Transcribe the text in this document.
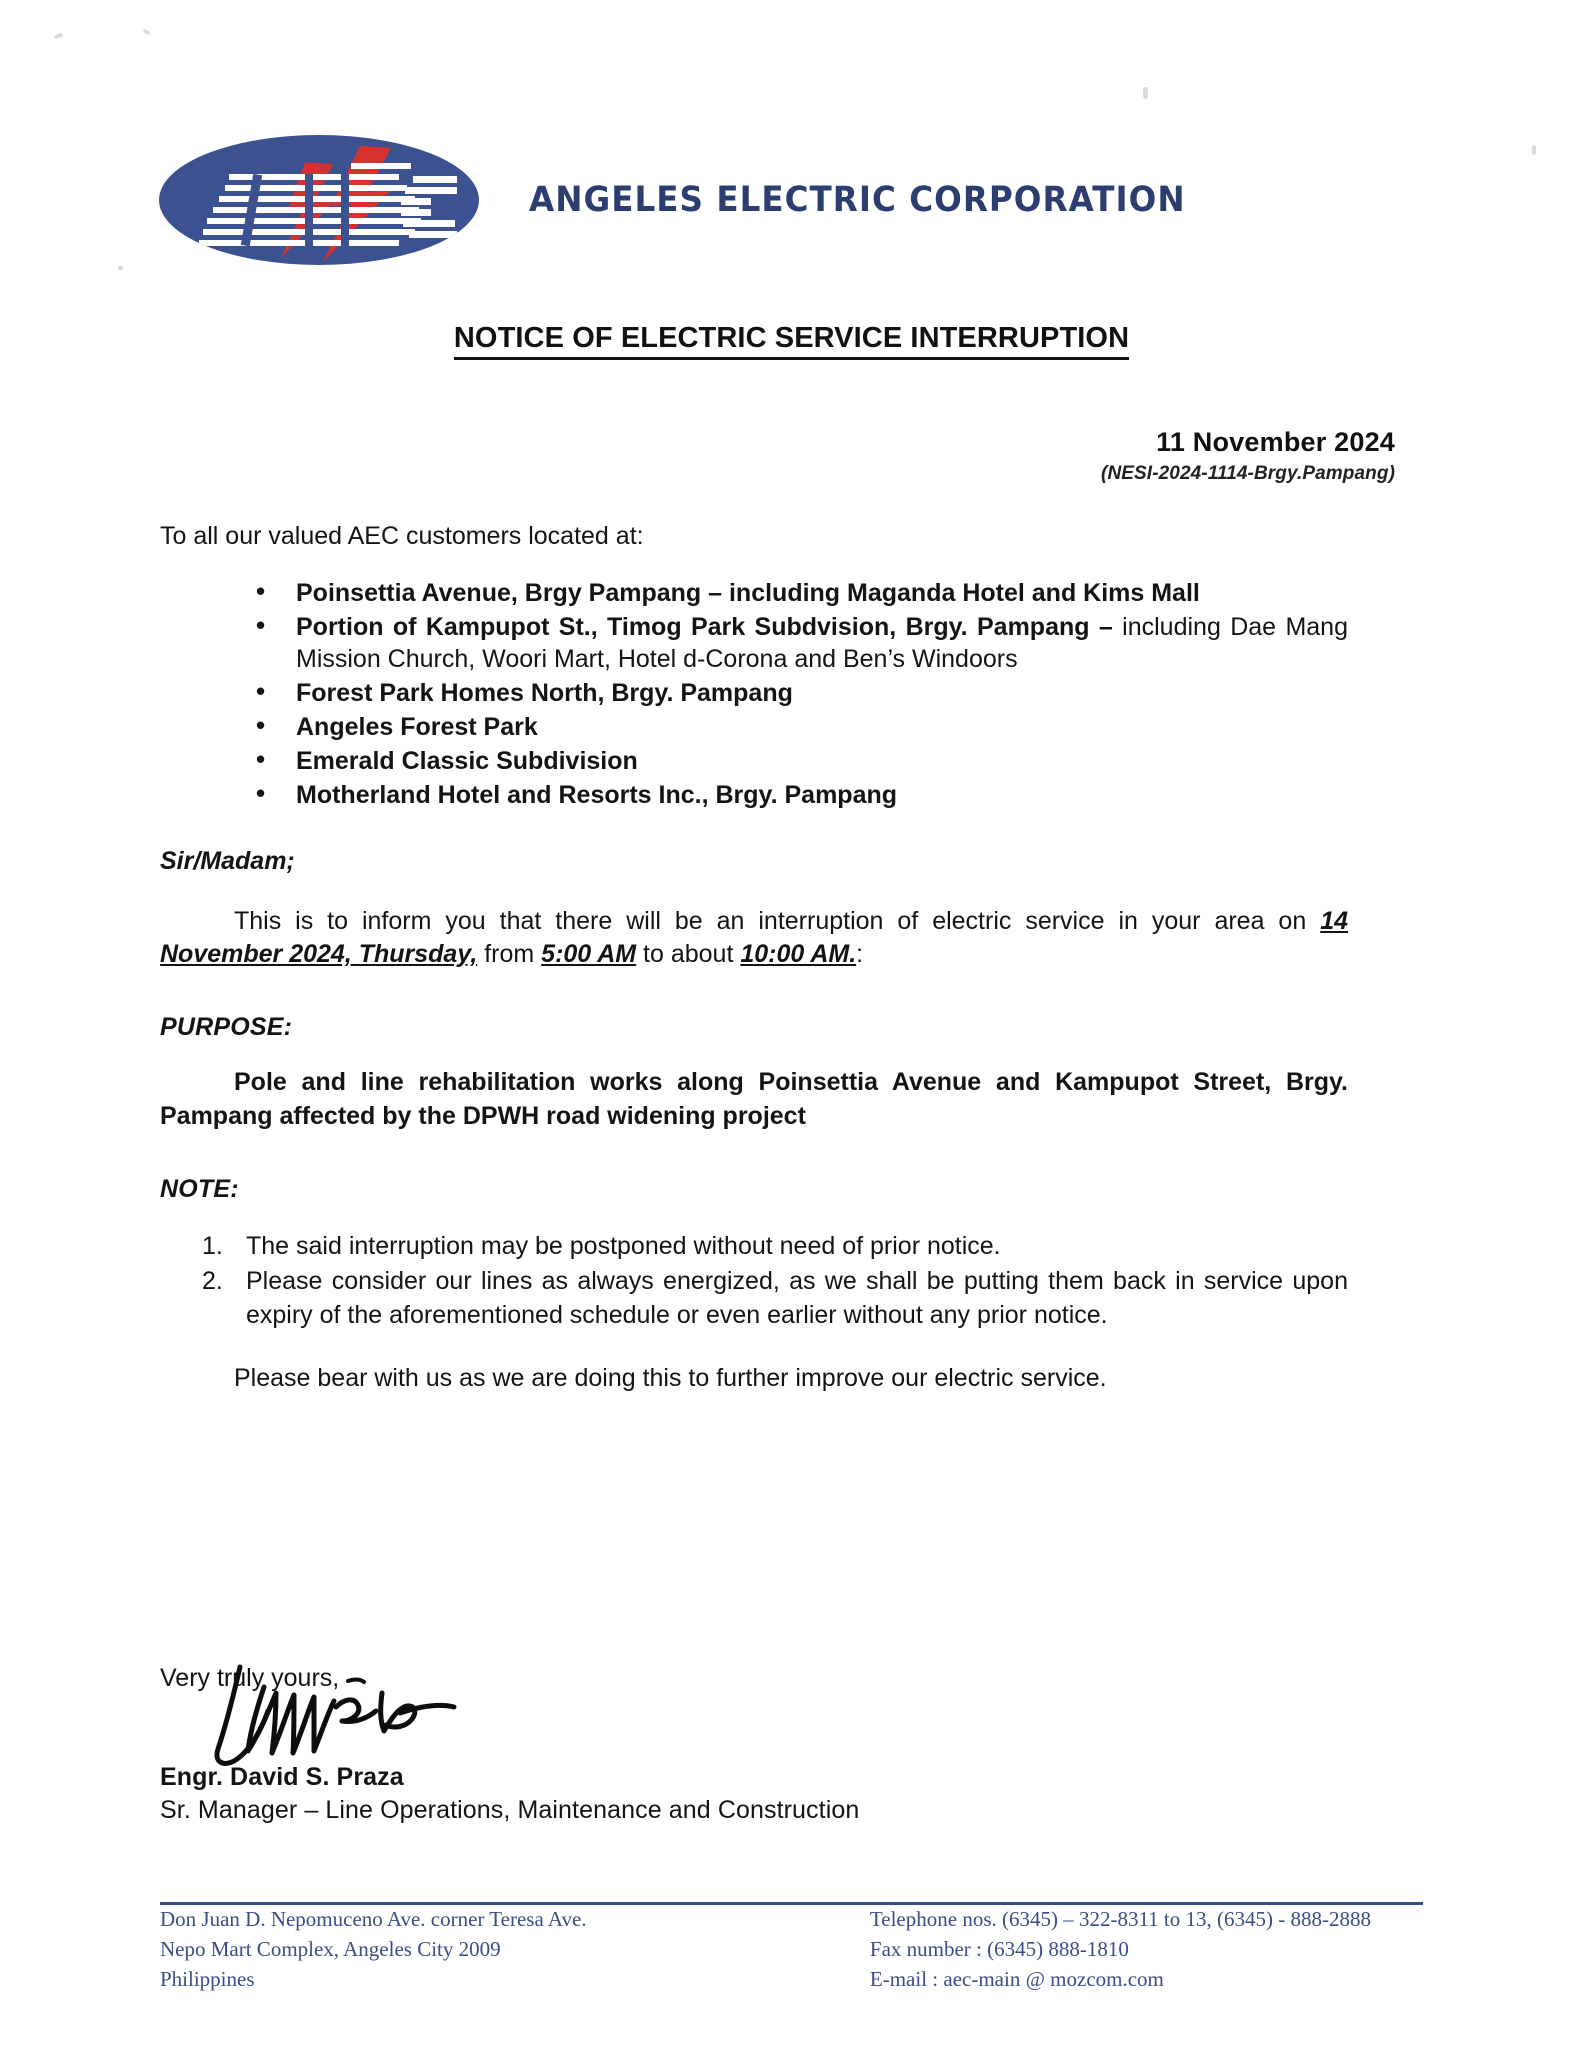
ANGELES ELECTRIC CORPORATION
NOTICE OF ELECTRIC SERVICE INTERRUPTION
11 November 2024
(NESI-2024-1114-Brgy.Pampang)

To all our valued AEC customers located at:

• Poinsettia Avenue, Brgy Pampang – including Maganda Hotel and Kims Mall
• Portion of Kampupot St., Timog Park Subdvision, Brgy. Pampang – including Dae Mang Mission Church, Woori Mart, Hotel d-Corona and Ben’s Windoors
• Forest Park Homes North, Brgy. Pampang
• Angeles Forest Park
• Emerald Classic Subdivision
• Motherland Hotel and Resorts Inc., Brgy. Pampang

Sir/Madam;

This is to inform you that there will be an interruption of electric service in your area on 14 November 2024, Thursday, from 5:00 AM to about 10:00 AM.:

PURPOSE:

Pole and line rehabilitation works along Poinsettia Avenue and Kampupot Street, Brgy. Pampang affected by the DPWH road widening project

NOTE:

The said interruption may be postponed without need of prior notice.
Please consider our lines as always energized, as we shall be putting them back in service upon expiry of the aforementioned schedule or even earlier without any prior notice.

Please bear with us as we are doing this to further improve our electric service.

Very truly yours,

Engr. David S. Praza

Sr. Manager – Line Operations, Maintenance and Construction

Don Juan D. Nepomuceno Ave. corner Teresa Ave.
Nepo Mart Complex, Angeles City 2009
Philippines
Telephone nos. (6345) – 322-8311 to 13, (6345) - 888-2888
Fax number : (6345) 888-1810
E-mail : aec-main @ mozcom.com
